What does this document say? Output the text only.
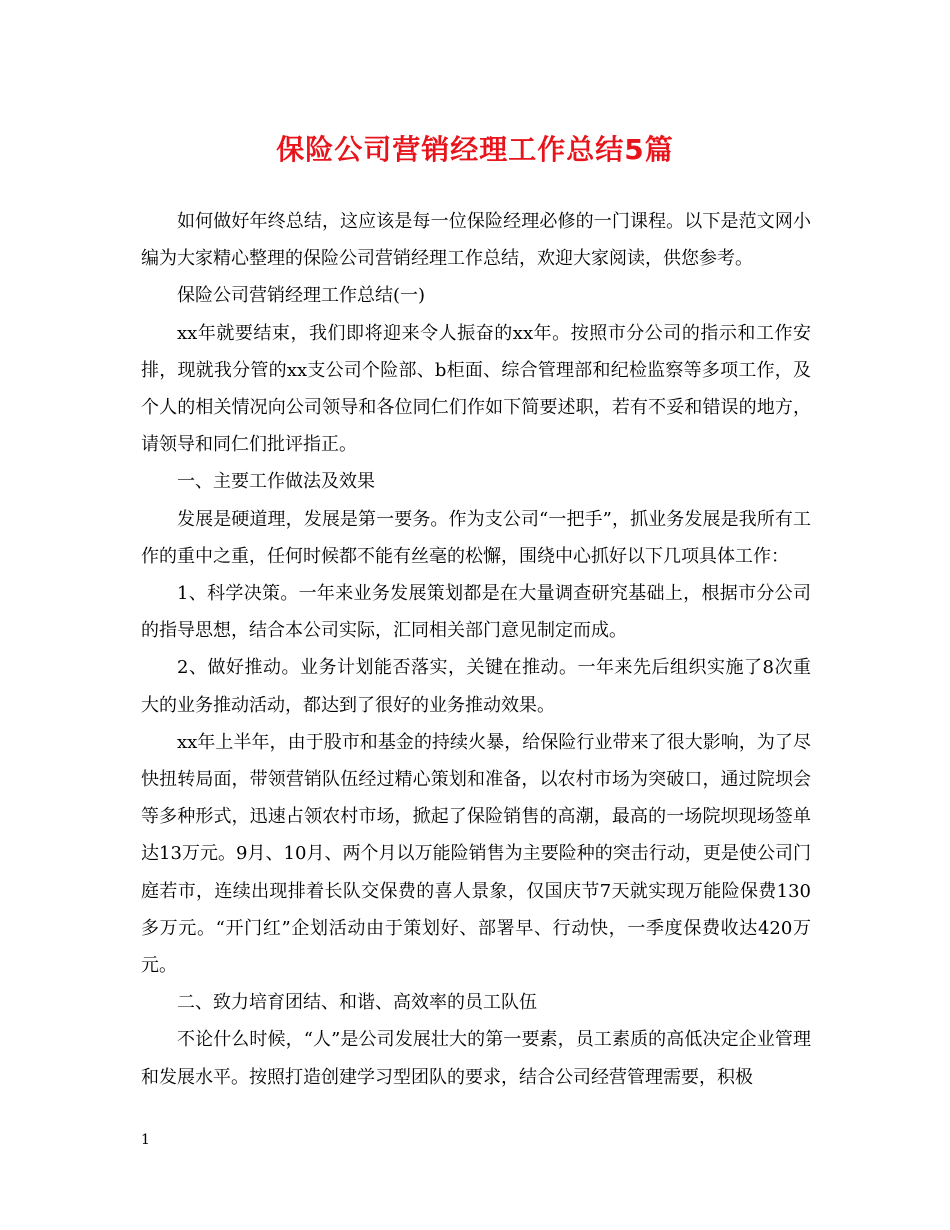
保险公司营销经理工作总结5篇

如何做好年终总结，这应该是每一位保险经理必修的一门课程。以下是范文网小编为大家精心整理的保险公司营销经理工作总结，欢迎大家阅读，供您参考。

保险公司营销经理工作总结(一)

xx年就要结束，我们即将迎来令人振奋的xx年。按照市分公司的指示和工作安排，现就我分管的xx支公司个险部、b柜面、综合管理部和纪检监察等多项工作，及个人的相关情况向公司领导和各位同仁们作如下简要述职，若有不妥和错误的地方，请领导和同仁们批评指正。

一、主要工作做法及效果

发展是硬道理，发展是第一要务。作为支公司“一把手”，抓业务发展是我所有工作的重中之重，任何时候都不能有丝毫的松懈，围绕中心抓好以下几项具体工作：

1、科学决策。一年来业务发展策划都是在大量调查研究基础上，根据市分公司的指导思想，结合本公司实际，汇同相关部门意见制定而成。

2、做好推动。业务计划能否落实，关键在推动。一年来先后组织实施了8次重大的业务推动活动，都达到了很好的业务推动效果。

xx年上半年，由于股市和基金的持续火暴，给保险行业带来了很大影响，为了尽快扭转局面，带领营销队伍经过精心策划和准备，以农村市场为突破口，通过院坝会等多种形式，迅速占领农村市场，掀起了保险销售的高潮，最高的一场院坝现场签单达13万元。9月、10月、两个月以万能险销售为主要险种的突击行动，更是使公司门庭若市，连续出现排着长队交保费的喜人景象，仅国庆节7天就实现万能险保费130多万元。“开门红”企划活动由于策划好、部署早、行动快，一季度保费收达420万元。

二、致力培育团结、和谐、高效率的员工队伍

不论什么时候，“人”是公司发展壮大的第一要素，员工素质的高低决定企业管理和发展水平。按照打造创建学习型团队的要求，结合公司经营管理需要，积极

1
